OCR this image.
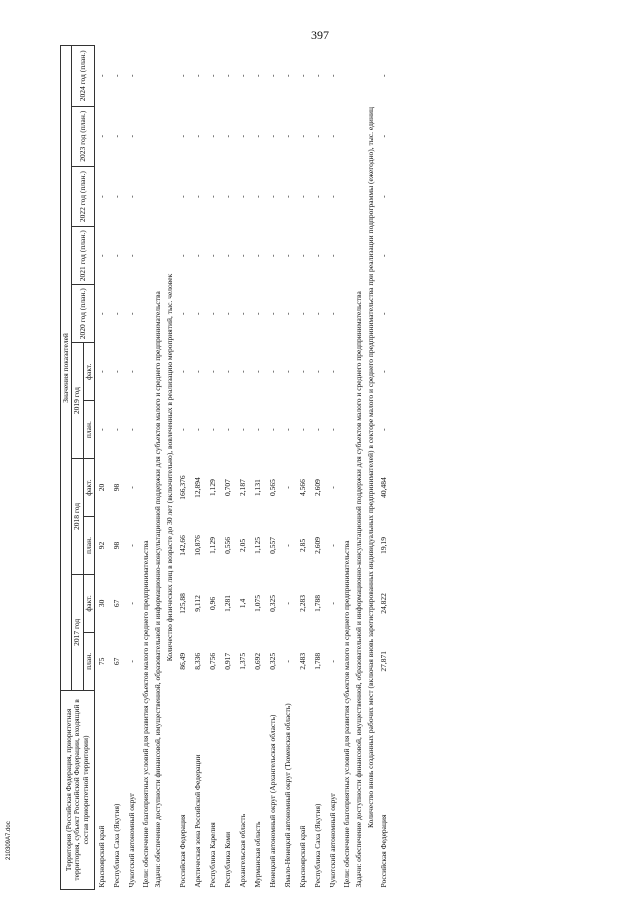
397
Территория (Российская Федерация, приоритетная территория, субъект Российской Федерации, входящий в состав приоритетной территории)	Значения показателей										
	2017 год		2018 год		2019 год		2020 год (план.)	2021 год (план.)	2022 год (план.)	2023 год (план.)	2024 год (план.)
	план.	факт.	план.	факт.	план.	факт.					
Красноярский край	75	30	92	20	-	-	-	-	-	-	-
Республика Саха (Якутия)	67	67	98	98	-	-	-	-	-	-	-
Чукотский автономный округ	-	-	-	-	-	-	-	-	-	-	-
Цели: обеспечение благоприятных условий для развития субъектов малого и среднего предпринимательства											
Задачи: обеспечение доступности финансовой, имущественной, образовательной и информационно-консультационной поддержки для субъектов малого и среднего предпринимательства											
Количество физических лиц в возрасте до 30 лет (включительно), вовлеченных в реализацию мероприятий, тыс. человек											
Российская Федерация	86,49	125,88	142,66	166,376	-	-	-	-	-	-	-
Арктическая зона Российской Федерации	8,336	9,112	10,876	12,894	-	-	-	-	-	-	-
Республика Карелия	0,756	0,96	1,129	1,129	-	-	-	-	-	-	-
Республика Коми	0,917	1,281	0,556	0,707	-	-	-	-	-	-	-
Архангельская область	1,375	1,4	2,05	2,187	-	-	-	-	-	-	-
Мурманская область	0,692	1,075	1,125	1,131	-	-	-	-	-	-	-
Ненецкий автономный округ (Архангельская область)	0,325	0,325	0,557	0,565	-	-	-	-	-	-	-
Ямало-Ненецкий автономный округ (Тюменская область)	-	-	-	-	-	-	-	-	-	-	-
Красноярский край	2,483	2,283	2,85	4,566	-	-	-	-	-	-	-
Республика Саха (Якутия)	1,788	1,788	2,609	2,609	-	-	-	-	-	-	-
Чукотский автономный округ	-	-	-	-	-	-	-	-	-	-	-
Цели: обеспечение благоприятных условий для развития субъектов малого и среднего предпринимательства											
Задачи: обеспечение доступности финансовой, имущественной, образовательной и информационно-консультационной поддержки для субъектов малого и среднего предпринимательства											
Количество вновь созданных рабочих мест (включая вновь зарегистрированных индивидуальных предпринимателей) в секторе малого и среднего предпринимательства при реализации подпрограммы (ежегодно), тыс. единиц											
Российская Федерация	27,871	24,822	19,19	40,484	-	-	-	-	-	-	-
210309A7.doc
